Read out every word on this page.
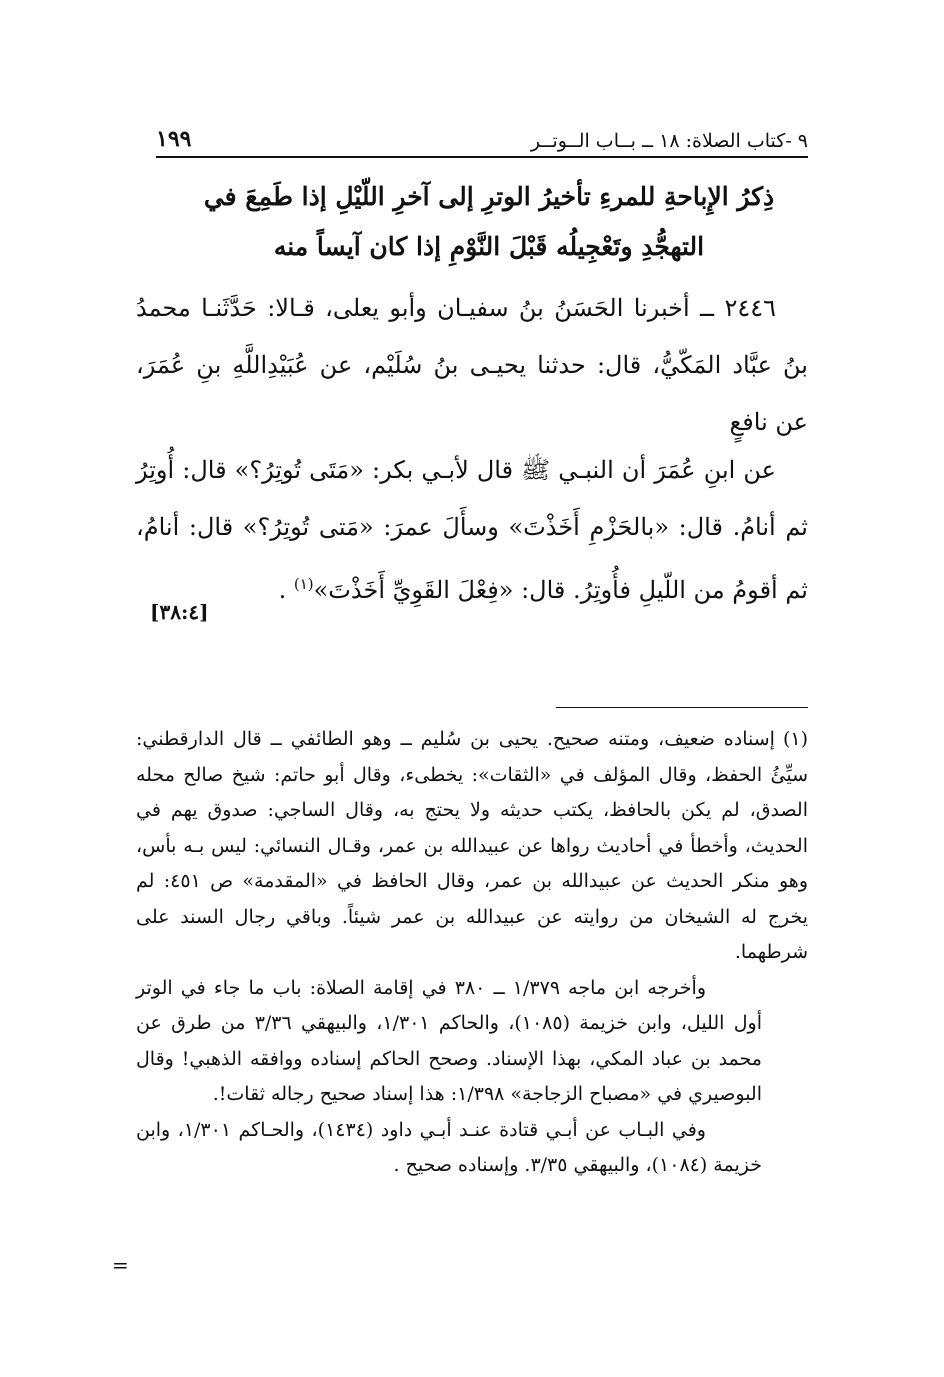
٩ -كتاب الصلاة: ١٨ ــ بــاب الــوتــر
١٩٩
ذِكرُ الإِباحةِ للمرءِ تأخيرُ الوترِ إلى آخرِ اللّيْلِ إذا طَمِعَ في
التهجُّدِ وتَعْجِيلُه قَبْلَ النَّوْمِ إذا كان آيساً منه

٢٤٤٦ ــ أخبرنا الحَسَنُ بنُ سفيـان وأبو يعلى، قـالا: حَدَّثَنـا محمدُ بنُ عبَّاد المَكّيُّ، قال: حدثنا يحيـى بنُ سُلَيْم، عن عُبَيْدِاللَّهِ بنِ عُمَرَ، عن نافعٍ

عن ابنِ عُمَرَ أن النبـي ﷺ قال لأبـي بكر: «مَتَى تُوتِرُ؟» قال: أُوتِرُ ثم أنامُ. قال: «بالحَزْمِ أَخَذْتَ» وسأَلَ عمرَ: «مَتى تُوتِرُ؟» قال: أنامُ، ثم أقومُ من اللّيلِ فأُوتِرُ. قال: «فِعْلَ القَوِيِّ أَخَذْتَ»$^{(١)}$ .

[٣٨:٤]

(١)إسناده ضعيف، ومتنه صحيح. يحيى بن سُليم ــ وهو الطائفي ــ قال الدارقطني: سيِّئُ الحفظ، وقال المؤلف في «الثقات»: يخطىء، وقال أبو حاتم: شيخ صالح محله الصدق، لم يكن بالحافظ، يكتب حديثه ولا يحتج به، وقال الساجي: صدوق يهم في الحديث، وأخطأ في أحاديث رواها عن عبيدالله بن عمر، وقـال النسائي: ليس بـه بأس، وهو منكر الحديث عن عبيدالله بن عمر، وقال الحافظ في «المقدمة» ص ٤٥١: لم يخرج له الشيخان من روايته عن عبيدالله بن عمر شيئاً. وباقي رجال السند على شرطهما.

وأخرجه ابن ماجه ١/٣٧٩ ــ ٣٨٠ في إقامة الصلاة: باب ما جاء في الوتر أول الليل، وابن خزيمة (١٠٨٥)، والحاكم ١/٣٠١، والبيهقي ٣/٣٦ من طرق عن محمد بن عباد المكي، بهذا الإسناد. وصحح الحاكم إسناده ووافقه الذهبي! وقال البوصيري في «مصباح الزجاجة» ١/٣٩٨: هذا إسناد صحيح رجاله ثقات!.

وفي البـاب عن أبـي قتادة عنـد أبـي داود (١٤٣٤)، والحـاكم ١/٣٠١، وابن خزيمة (١٠٨٤)، والبيهقي ٣/٣٥. وإسناده صحيح .

=
